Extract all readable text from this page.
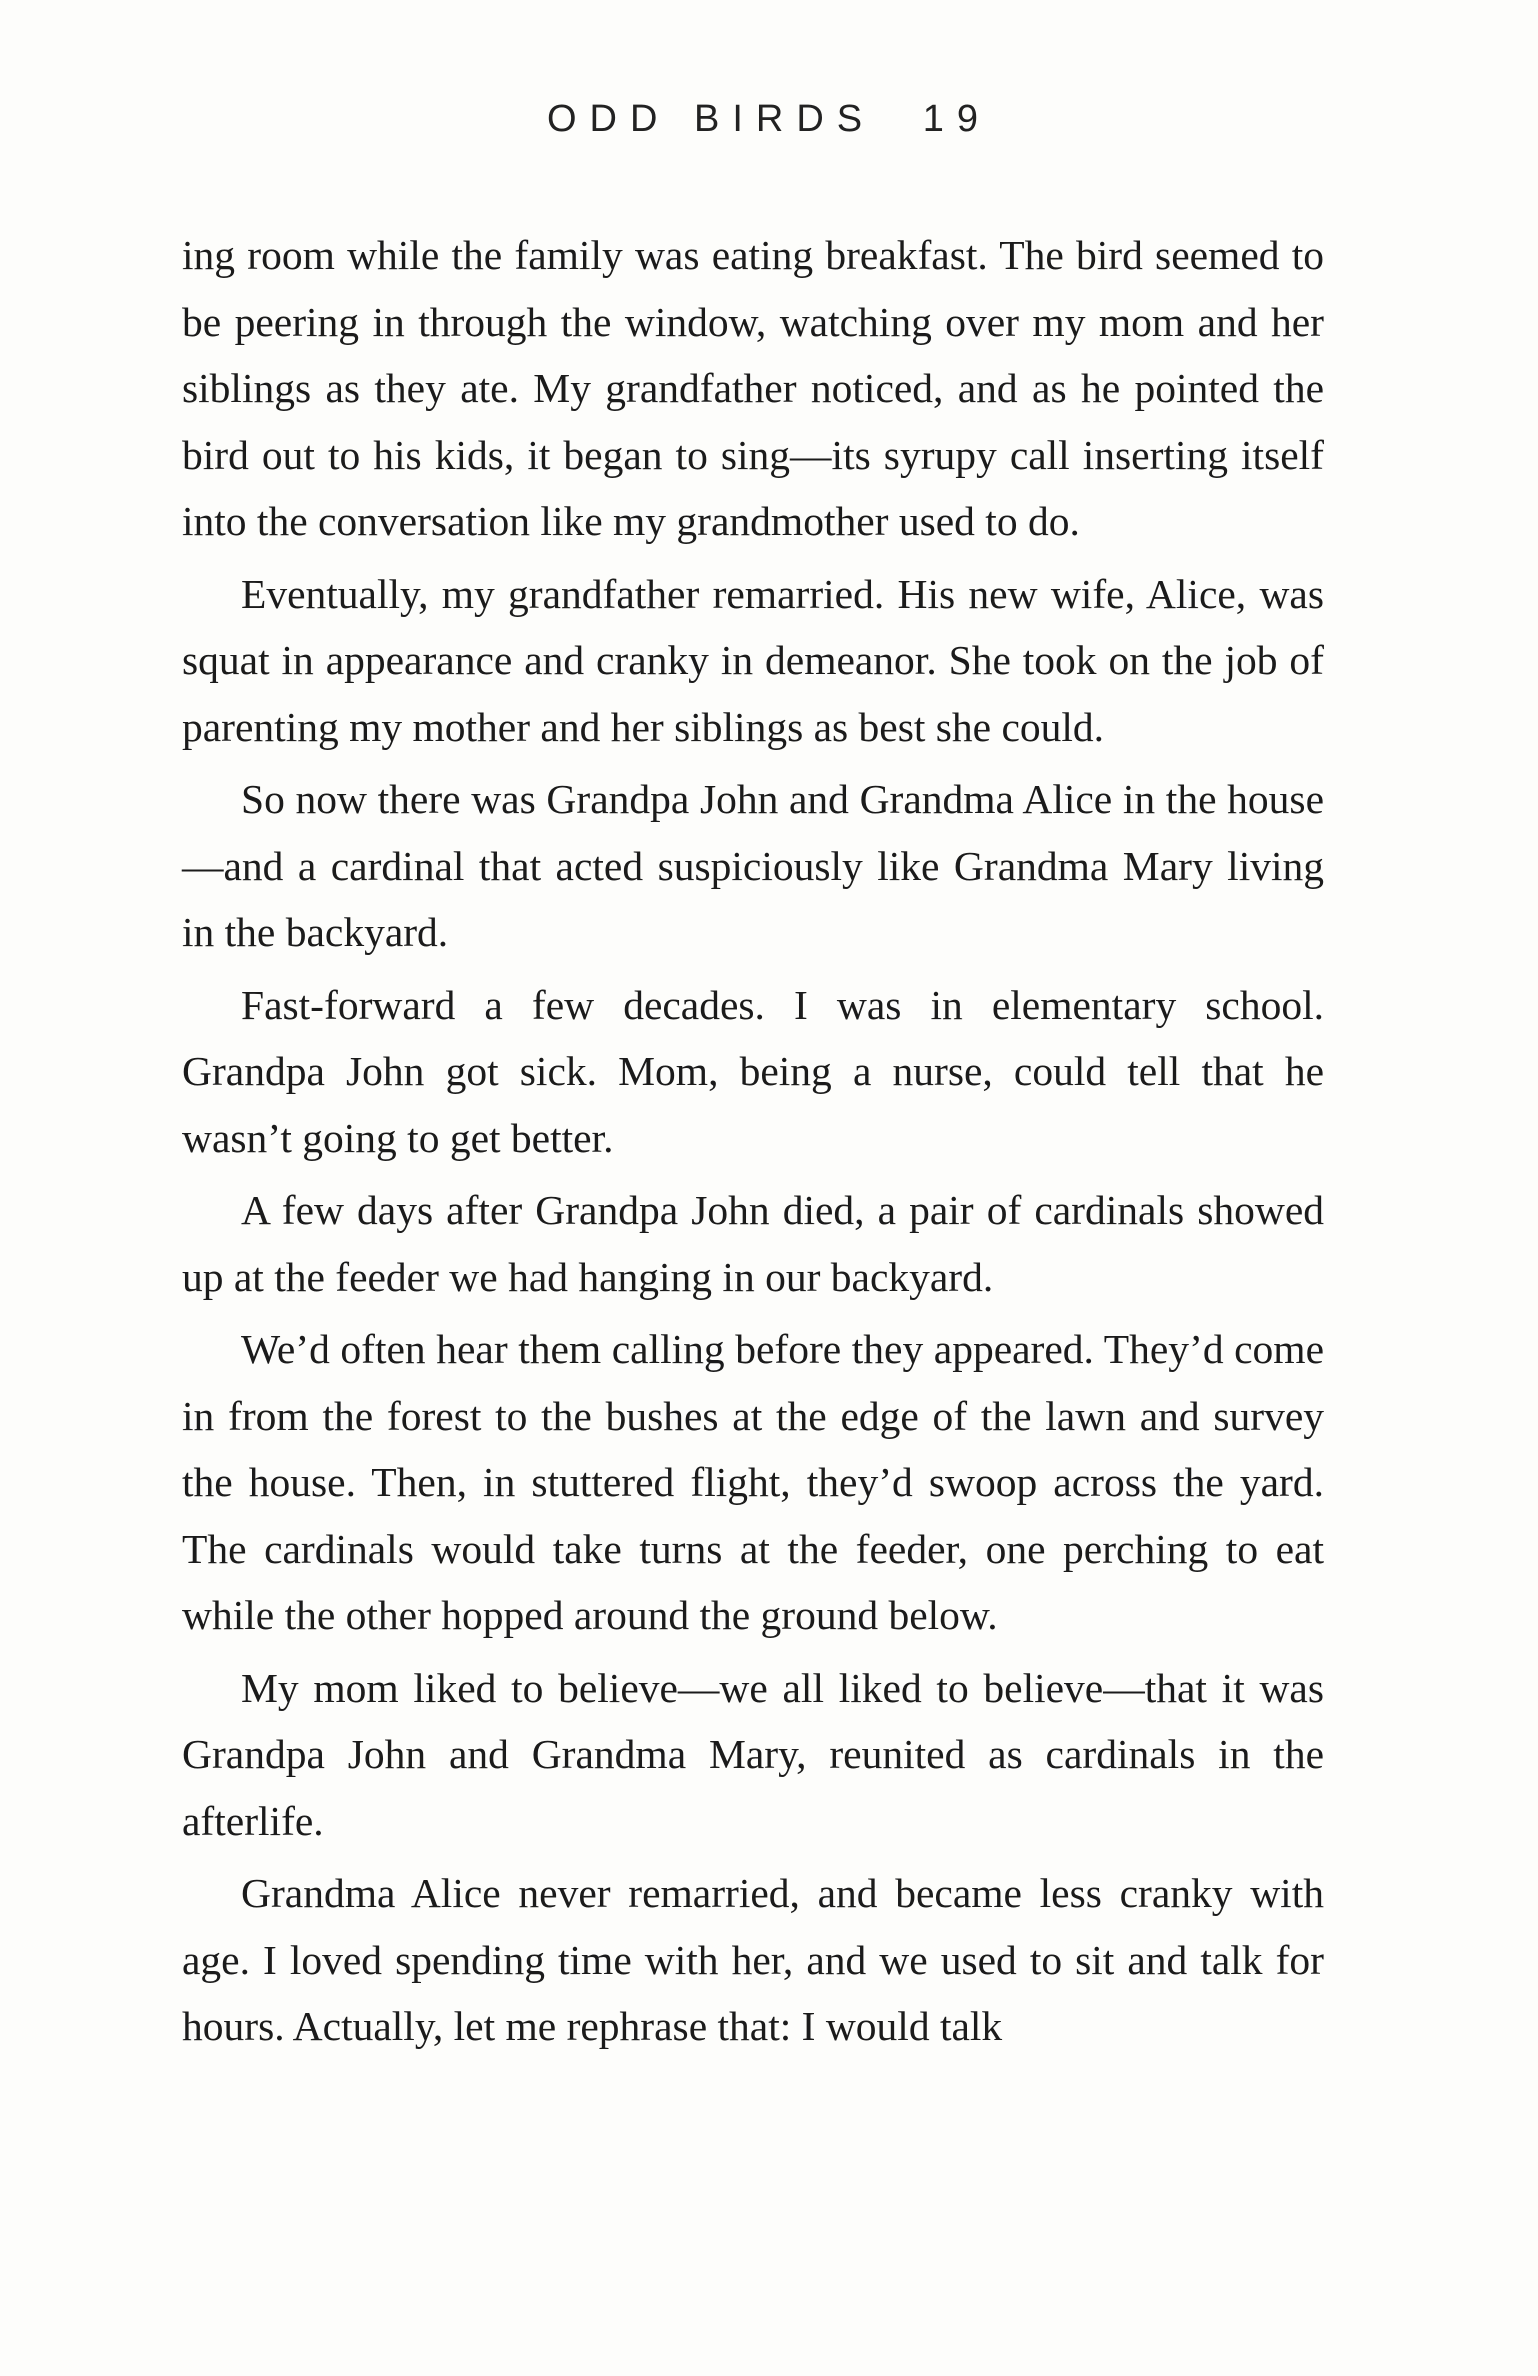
ODD BIRDS 19

ing room while the family was eating breakfast. The bird seemed to be peering in through the window, watching over my mom and her siblings as they ate. My grandfather noticed, and as he pointed the bird out to his kids, it began to sing—its syrupy call inserting itself into the conversation like my grandmother used to do.

Eventually, my grandfather remarried. His new wife, Alice, was squat in appearance and cranky in demeanor. She took on the job of parenting my mother and her siblings as best she could.

So now there was Grandpa John and Grandma Alice in the house—and a cardinal that acted suspiciously like Grandma Mary living in the backyard.

Fast-forward a few decades. I was in elementary school. Grandpa John got sick. Mom, being a nurse, could tell that he wasn’t going to get better.

A few days after Grandpa John died, a pair of cardinals showed up at the feeder we had hanging in our backyard.

We’d often hear them calling before they appeared. They’d come in from the forest to the bushes at the edge of the lawn and survey the house. Then, in stuttered flight, they’d swoop across the yard. The cardinals would take turns at the feeder, one perching to eat while the other hopped around the ground below.

My mom liked to believe—we all liked to believe—that it was Grandpa John and Grandma Mary, reunited as cardinals in the afterlife.

Grandma Alice never remarried, and became less cranky with age. I loved spending time with her, and we used to sit and talk for hours. Actually, let me rephrase that: I would talk
